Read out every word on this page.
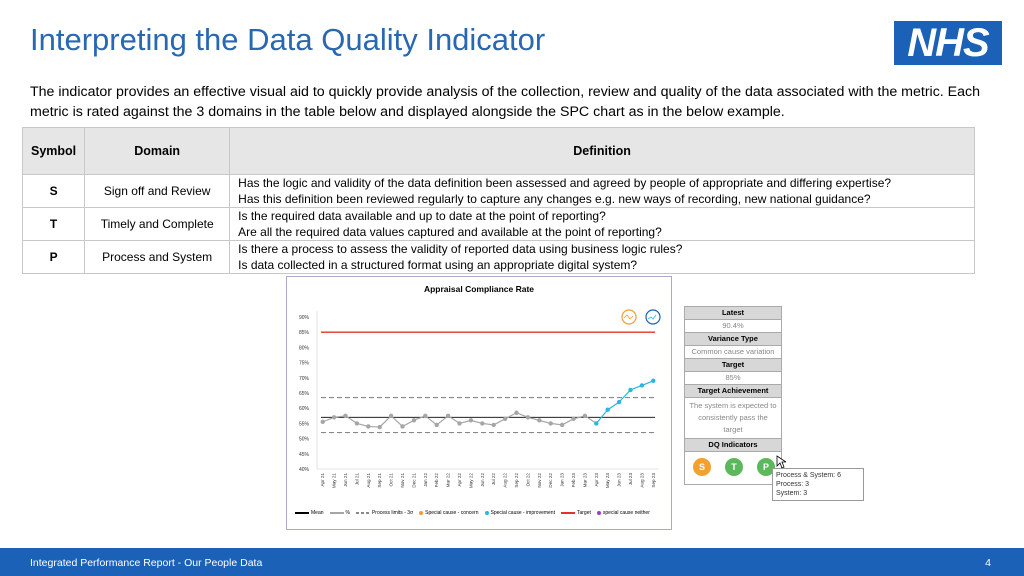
Interpreting the Data Quality Indicator	NHS
The indicator provides an effective visual aid to quickly provide analysis of the collection, review and quality of the data associated with the metric. Each metric is rated against the 3 domains in the table below and displayed alongside the SPC chart as in the below example.
Symbol	Domain	Definition
S	Sign off and Review	Has the logic and validity of the data definition been assessed and agreed by people of appropriate and differing expertise?
Has this definition been reviewed regularly to capture any changes e.g. new ways of recording, new national guidance?

T	Timely and Complete	Is the required data available and up to date at the point of reporting?
Are all the required data values captured and available at the point of reporting?

P	Process and System	Is there a process to assess the validity of reported data using business logic rules?
Is data collected in a structured format using an appropriate digital system?
Appraisal Compliance Rate
40%
45%
50%
55%
60%
65%
70%
75%
80%
85%
90%
Apr 21 May 21 Jun 21 Jul 21 Aug 21 Sep 21 Oct 21 Nov 21 Dec 21 Jan 22 Feb 22 Mar 22 Apr 22 May 22 Jun 22 Jul 22 Aug 22 Sep 22 Oct 22 Nov 22 Dec 22 Jan 23 Feb 23 Mar 23 Apr 23 May 23 Jun 23 Jul 23 Aug 23 Sep 23
Mean	%	Process limits - 3σ	Special cause - concern	Special cause - improvement	Target	special cause neither
Latest
90.4%
Variance Type
Common cause variation
Target
85%
Target Achievement
The system is expected to consistently pass the target
DQ Indicators
S	T	P
Process & System: 6
Process: 3
System: 3
Integrated Performance Report - Our People Data	4
